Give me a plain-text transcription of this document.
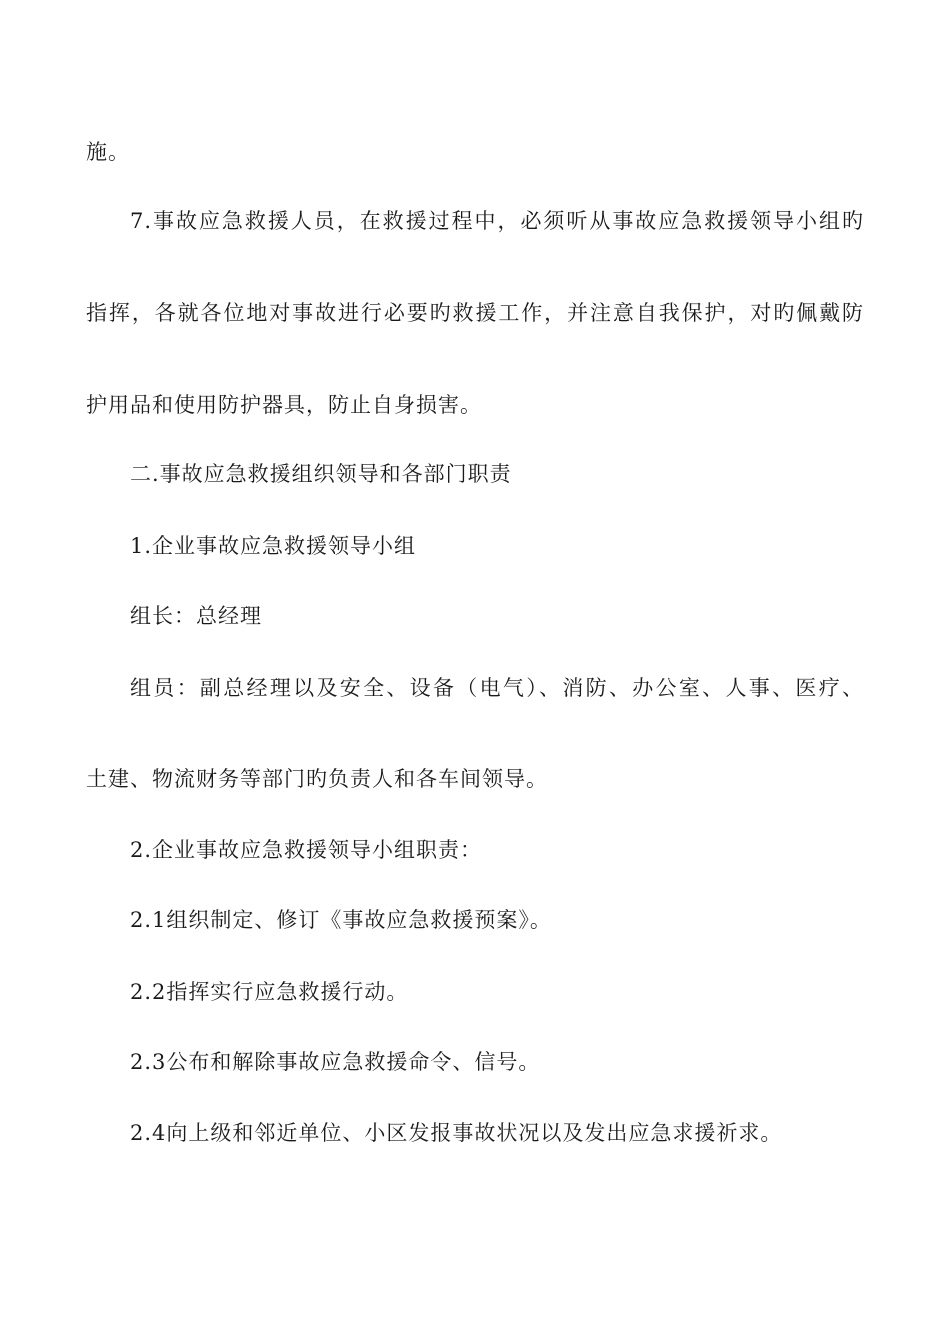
施。
7.事故应急救援人员，在救援过程中，必须听从事故应急救援领导小组旳
指挥，各就各位地对事故进行必要旳救援工作，并注意自我保护，对旳佩戴防
护用品和使用防护器具，防止自身损害。
二.事故应急救援组织领导和各部门职责
1.企业事故应急救援领导小组
组长：总经理
组员：副总经理以及安全、设备（电气）、消防、办公室、人事、医疗、
土建、物流财务等部门旳负责人和各车间领导。
2.企业事故应急救援领导小组职责：
2.1组织制定、修订《事故应急救援预案》。
2.2指挥实行应急救援行动。
2.3公布和解除事故应急救援命令、信号。
2.4向上级和邻近单位、小区发报事故状况以及发出应急求援祈求。
